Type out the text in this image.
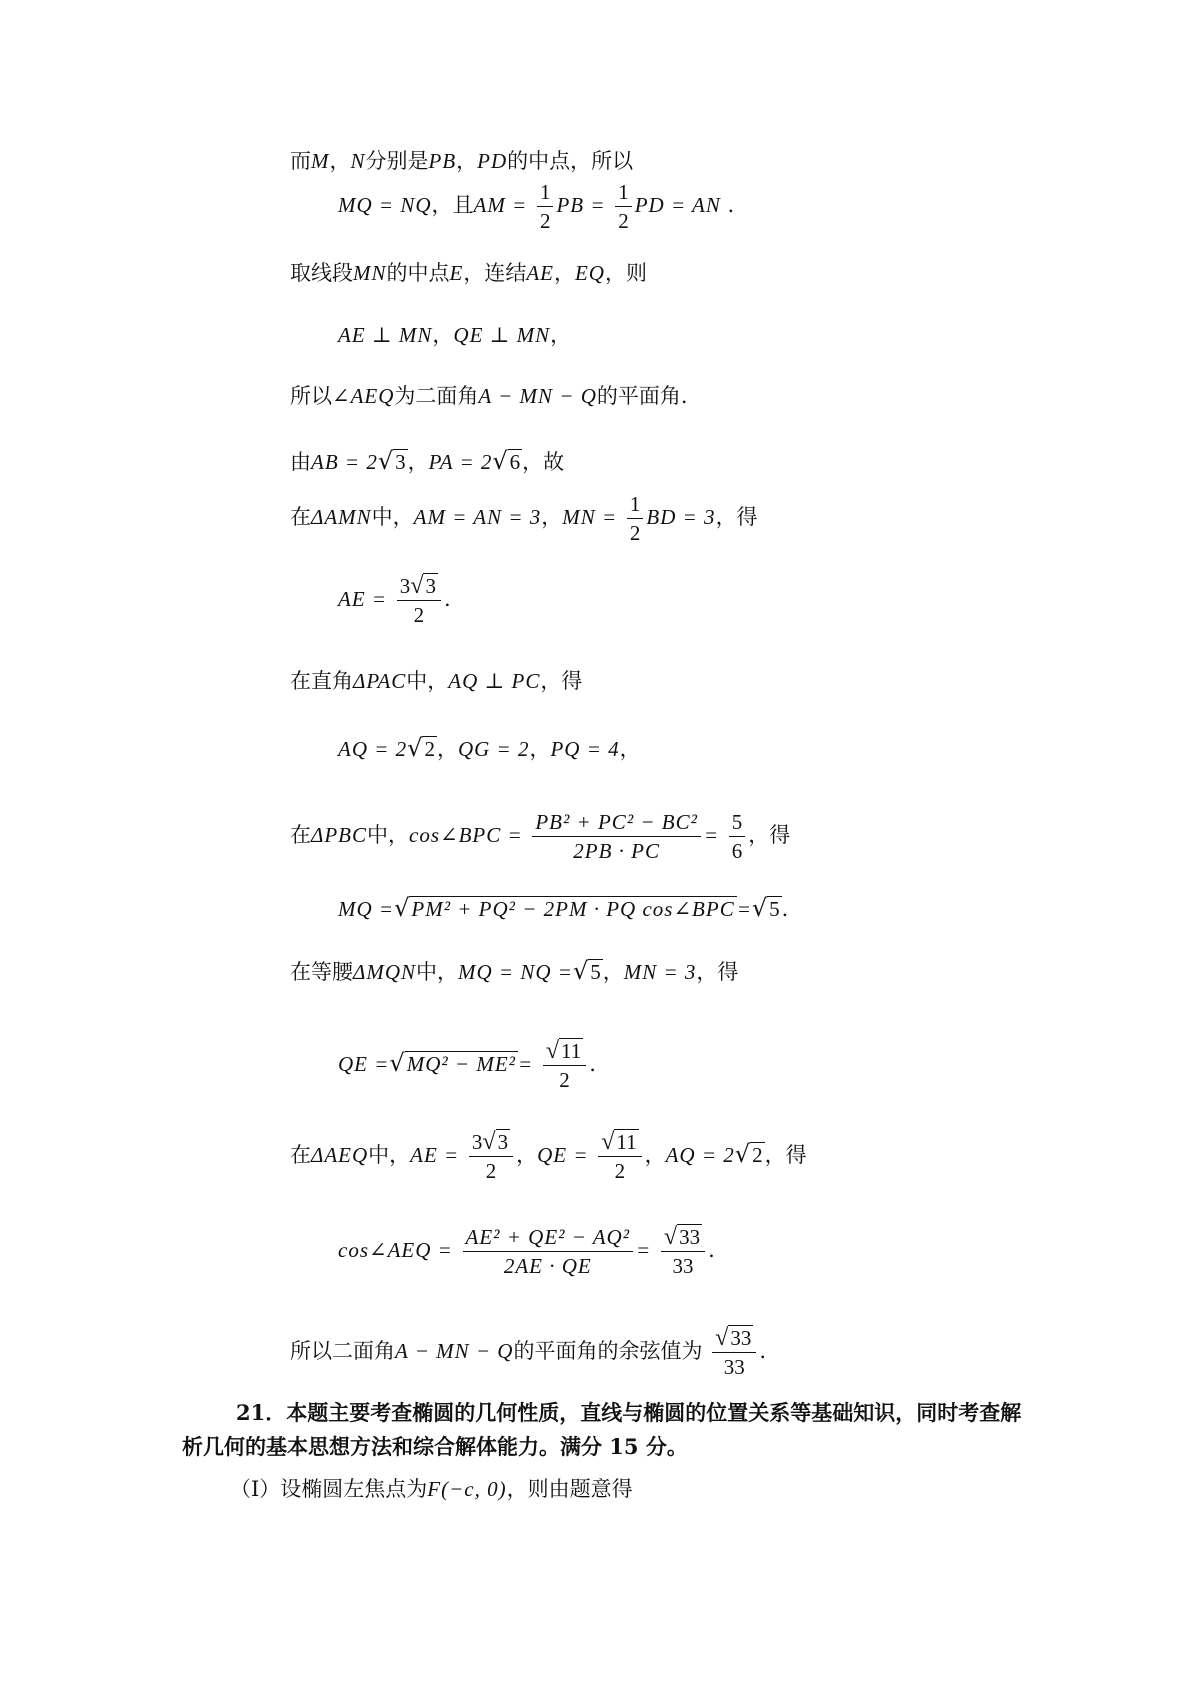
而M，N分别是PB，PD的中点，所以
MQ = NQ，且AM = $\frac{1}{2}$ PB = $\frac{1}{2}$ PD = AN .
取线段MN的中点E，连结AE，EQ，则
AE ⊥ MN，QE ⊥ MN，
所以∠AEQ为二面角A − MN − Q的平面角.
由AB = 2√3，PA = 2√6，故
在ΔAMN中，AM = AN = 3，MN = $\frac{1}{2}$ BD = 3，得
AE = $\frac{3√3}{2}$ .
在直角ΔPAC中，AQ ⊥ PC，得
AQ = 2√2，QG = 2，PQ = 4，
在ΔPBC中，cos∠BPC = $\frac{\text{PB² + PC² − BC²}}{2PB \cdot PC} = \frac{5}{6}$ ，得
MQ =√PM² + PQ² − 2PM · PQ cos∠BPC=√5.
在等腰ΔMQN中，MQ = NQ =√5，MN = 3，得
QE $=√MQ^2 - ME^2= \frac{√11}{2}$ .
在ΔAEQ中，AE = $\frac{3√3}{2}$ ，QE = $\frac{√11}{2}$ ，AQ = 2√2，得
cos∠AEQ = $\frac{\text{AE² + QE² − AQ²}}{2AE \cdot QE} = \frac{√33}{33}$ .
所以二面角A − MN − Q的平面角的余弦值为 $\frac{√33}{33}$ .
21．本题主要考查椭圆的几何性质，直线与椭圆的位置关系等基础知识，同时考查解
析几何的基本思想方法和综合解体能力。满分 15 分。
（Ⅰ）设椭圆左焦点为F(−c, 0)，则由题意得
